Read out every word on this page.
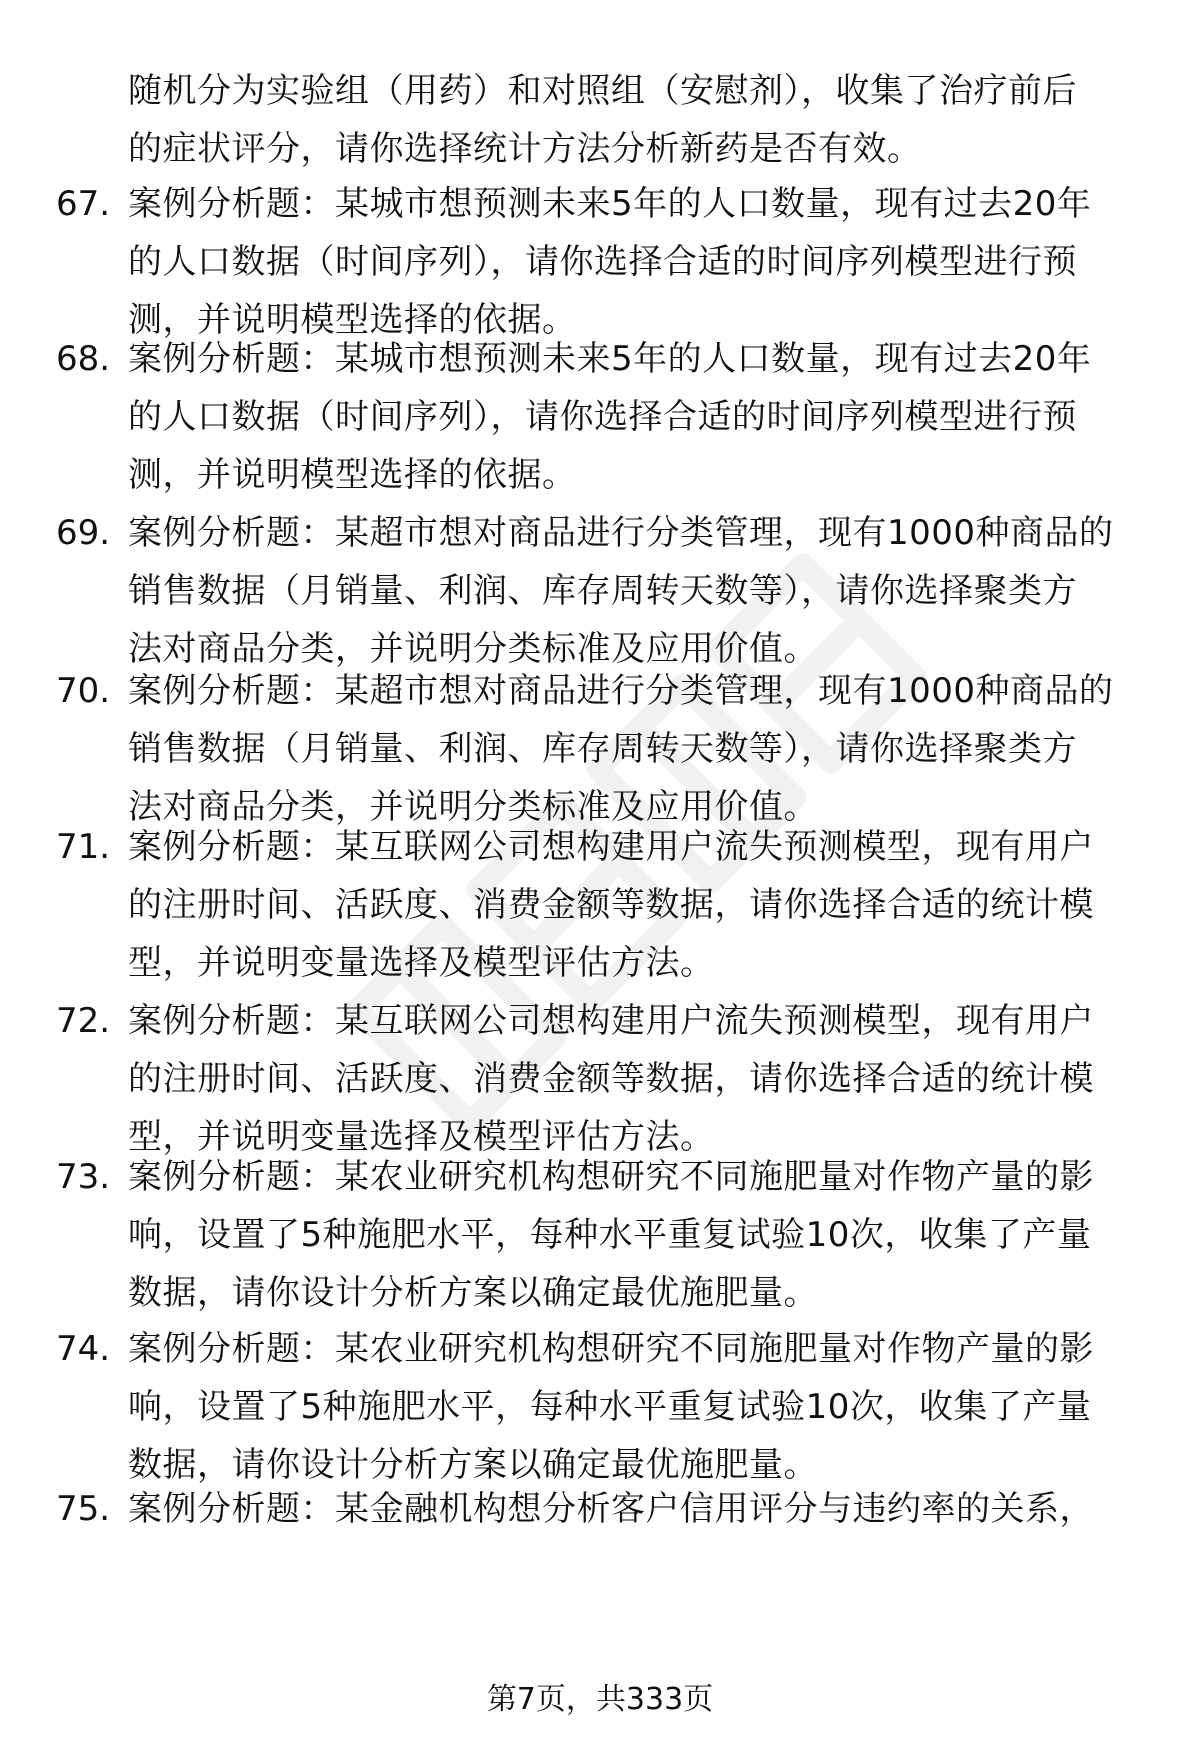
随机分为实验组（用药）和对照组（安慰剂），收集了治疗前后
的症状评分，请你选择统计方法分析新药是否有效。
67. 案例分析题：某城市想预测未来5年的人口数量，现有过去20年
的人口数据（时间序列），请你选择合适的时间序列模型进行预
测，并说明模型选择的依据。
68. 案例分析题：某城市想预测未来5年的人口数量，现有过去20年
的人口数据（时间序列），请你选择合适的时间序列模型进行预
测，并说明模型选择的依据。
69. 案例分析题：某超市想对商品进行分类管理，现有1000种商品的
销售数据（月销量、利润、库存周转天数等），请你选择聚类方
法对商品分类，并说明分类标准及应用价值。
70. 案例分析题：某超市想对商品进行分类管理，现有1000种商品的
销售数据（月销量、利润、库存周转天数等），请你选择聚类方
法对商品分类，并说明分类标准及应用价值。
71. 案例分析题：某互联网公司想构建用户流失预测模型，现有用户
的注册时间、活跃度、消费金额等数据，请你选择合适的统计模
型，并说明变量选择及模型评估方法。
72. 案例分析题：某互联网公司想构建用户流失预测模型，现有用户
的注册时间、活跃度、消费金额等数据，请你选择合适的统计模
型，并说明变量选择及模型评估方法。
73. 案例分析题：某农业研究机构想研究不同施肥量对作物产量的影
响，设置了5种施肥水平，每种水平重复试验10次，收集了产量
数据，请你设计分析方案以确定最优施肥量。
74. 案例分析题：某农业研究机构想研究不同施肥量对作物产量的影
响，设置了5种施肥水平，每种水平重复试验10次，收集了产量
数据，请你设计分析方案以确定最优施肥量。
75. 案例分析题：某金融机构想分析客户信用评分与违约率的关系，
第7页，共333页
